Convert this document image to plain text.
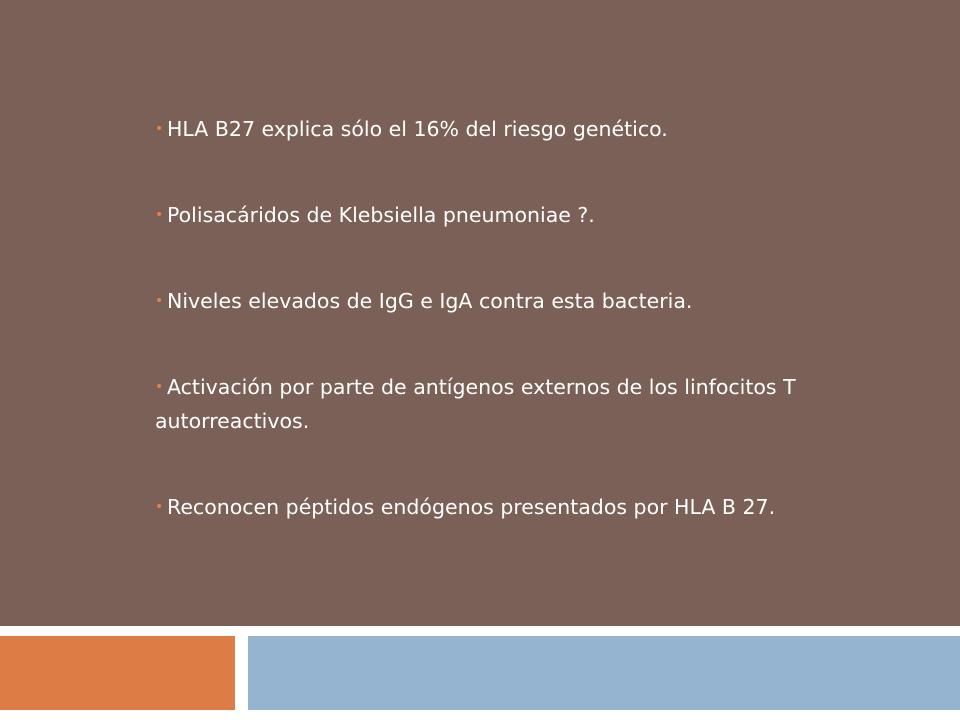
• HLA B27 explica sólo el 16% del riesgo genético.
• Polisacáridos de Klebsiella pneumoniae ?.
• Niveles elevados de IgG e IgA contra esta bacteria.
• Activación por parte de antígenos externos de los linfocitos T autorreactivos.
• Reconocen péptidos endógenos presentados por HLA B 27.
